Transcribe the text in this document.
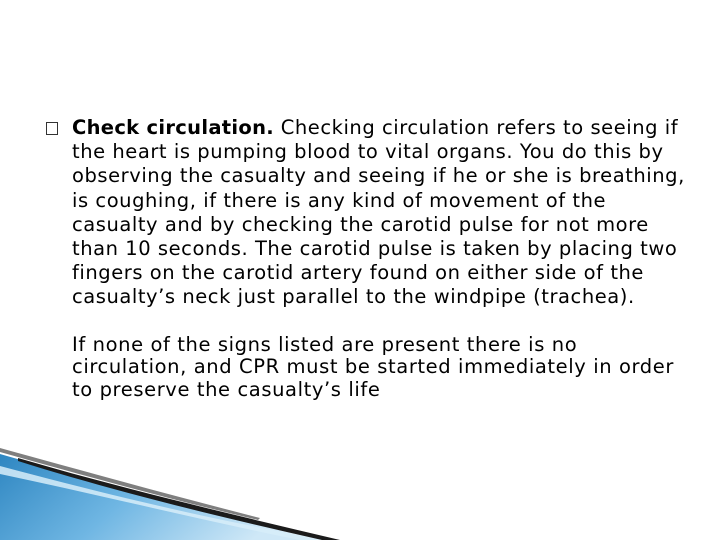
Check circulation. Checking circulation refers to seeing if the heart is pumping blood to vital organs. You do this by observing the casualty and seeing if he or she is breathing, is coughing, if there is any kind of movement of the casualty and by checking the carotid pulse for not more than 10 seconds. The carotid pulse is taken by placing two fingers on the carotid artery found on either side of the casualty’s neck just parallel to the windpipe (trachea).

If none of the signs listed are present there is no circulation, and CPR must be started immediately in order to preserve the casualty’s life
